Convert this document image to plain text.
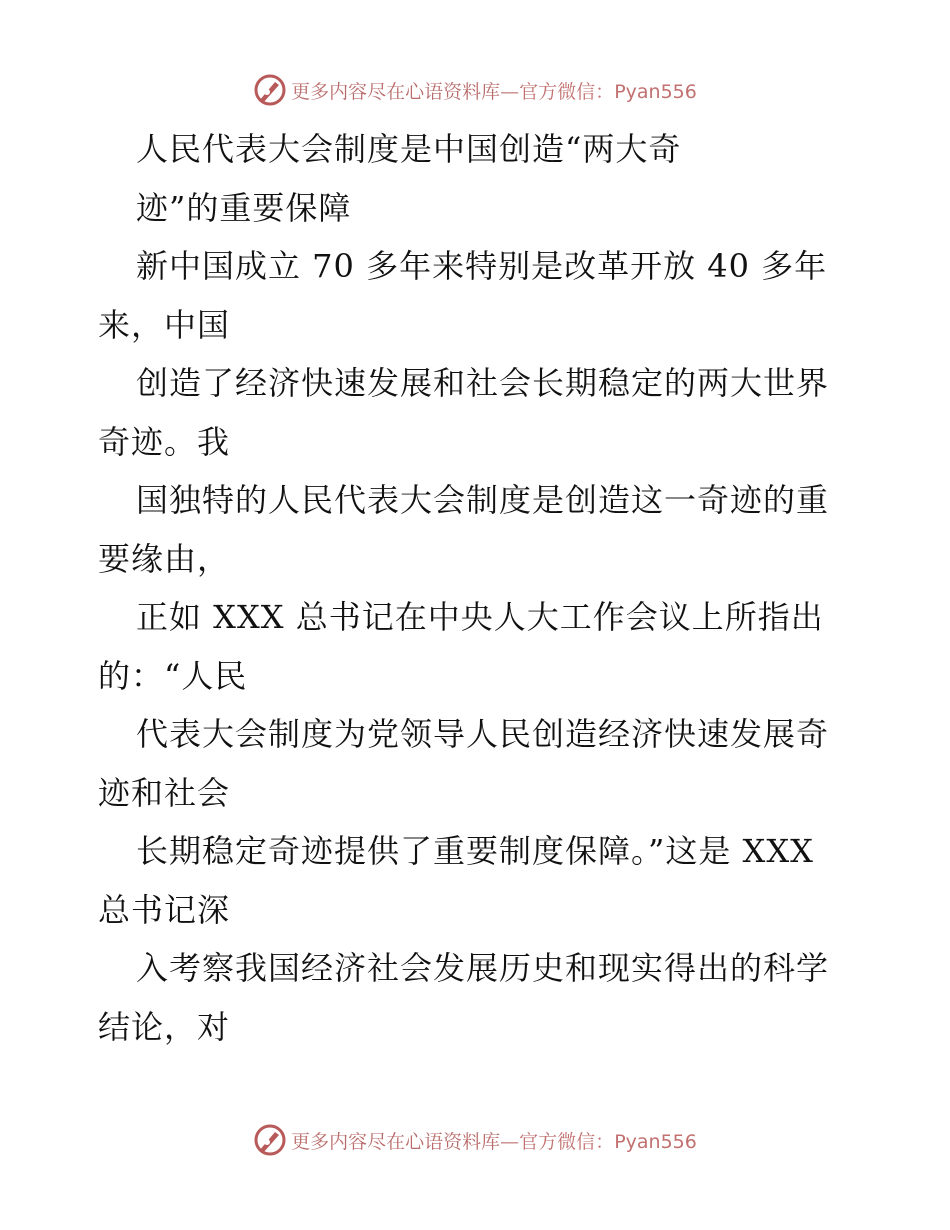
更多内容尽在心语资料库—官方微信：Pyan556
人民代表大会制度是中国创造“两大奇
迹”的重要保障
新中国成立 70 多年来特别是改革开放 40 多年
来，中国
创造了经济快速发展和社会长期稳定的两大世界
奇迹。我
国独特的人民代表大会制度是创造这一奇迹的重
要缘由，
正如 XXX 总书记在中央人大工作会议上所指出
的：“人民
代表大会制度为党领导人民创造经济快速发展奇
迹和社会
长期稳定奇迹提供了重要制度保障。”这是 XXX
总书记深
入考察我国经济社会发展历史和现实得出的科学
结论，对
更多内容尽在心语资料库—官方微信：Pyan556
